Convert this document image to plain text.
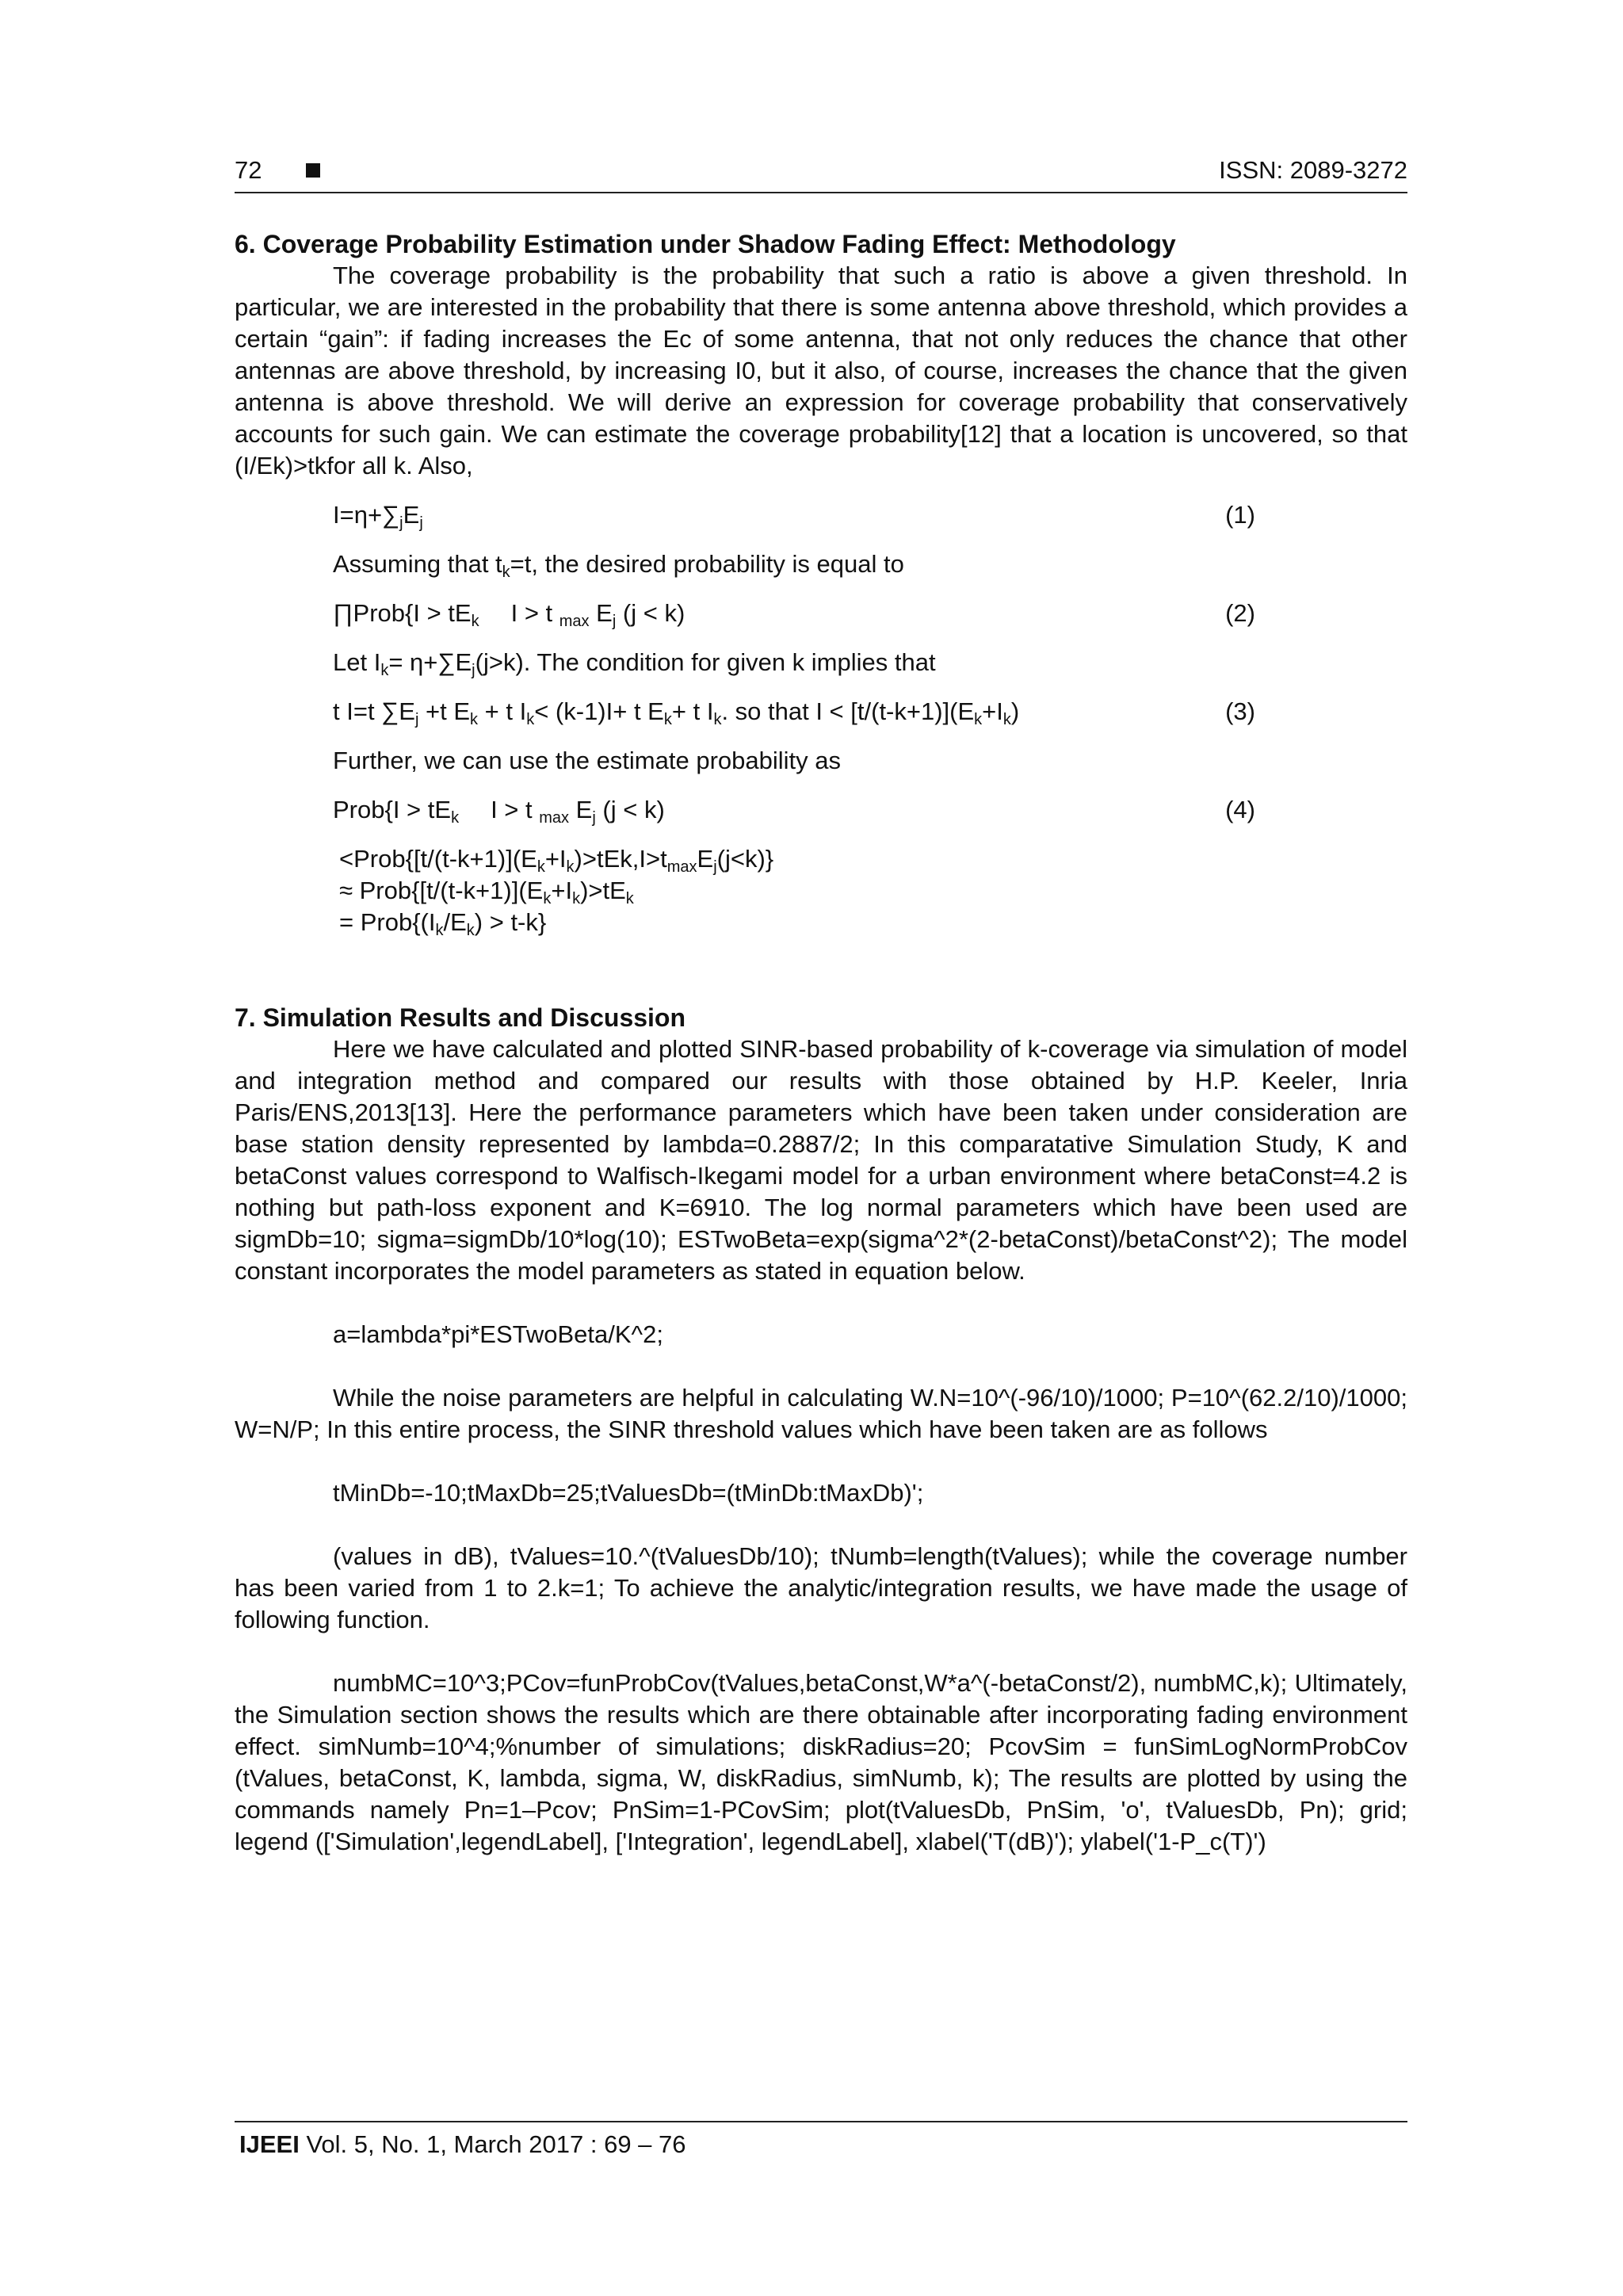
72	ISSN: 2089-3272
6. Coverage Probability Estimation under Shadow Fading Effect: Methodology

The coverage probability is the probability that such a ratio is above a given threshold. In particular, we are interested in the probability that there is some antenna above threshold, which provides a certain “gain”: if fading increases the Ec of some antenna, that not only reduces the chance that other antennas are above threshold, by increasing I0, but it also, of course, increases the chance that the given antenna is above threshold. We will derive an expression for coverage probability that conservatively accounts for such gain. We can estimate the coverage probability[12] that a location is uncovered, so that (I/Ek)>tkfor all k. Also,

$I=\eta+\sum_jE_j$	(1)
Assuming that $t_k=t$, the desired probability is equal to
∏Prob{I > $tE_k$ I > t $_{max}$ $E_j$ (j < k)	(2)
Let $I_k= \eta+\sum E_j(j>k)$. The condition for given k implies that
t I=t $\sum E_j +t$ $E_k + t$ $I_k< (k-1)I+ t$ $E_k+ t$ $I_k$. so that $I < [t/(t-k+1)](E_k+I_k)$	(3)
Further, we can use the estimate probability as
Prob{I > $tE_k$ I > t $_{max}$ $E_j$ (j < k)	(4)
$<Prob\{[t/(t-k+1)](E_k+I_k)>tEk,I>t_{max}E_j(j<k)\}$
≈ $Prob\{[t/(t-k+1)](E_k+I_k)>tE_k$
= $Prob\{(I_k/E_k) > t-k\}$
7. Simulation Results and Discussion

Here we have calculated and plotted SINR-based probability of k-coverage via simulation of model and integration method and compared our results with those obtained by H.P. Keeler, Inria Paris/ENS,2013[13]. Here the performance parameters which have been taken under consideration are base station density represented by lambda=0.2887/2; In this comparatative Simulation Study, K and betaConst values correspond to Walfisch-Ikegami model for a urban environment where betaConst=4.2 is nothing but path-loss exponent and K=6910. The log normal parameters which have been used are sigmDb=10; sigma=sigmDb/10*log(10); ESTwoBeta=exp(sigma^2*(2-betaConst)/betaConst^2); The model constant incorporates the model parameters as stated in equation below.

a=lambda*pi*ESTwoBeta/K^2;

While the noise parameters are helpful in calculating W.N=10^(-96/10)/1000; P=10^(62.2/10)/1000; W=N/P; In this entire process, the SINR threshold values which have been taken are as follows

tMinDb=-10;tMaxDb=25;tValuesDb=(tMinDb:tMaxDb)';

(values in dB), tValues=10.^(tValuesDb/10); tNumb=length(tValues); while the coverage number has been varied from 1 to 2.k=1; To achieve the analytic/integration results, we have made the usage of following function.

numbMC=10^3;PCov=funProbCov(tValues,betaConst,W*a^(-betaConst/2), numbMC,k); Ultimately, the Simulation section shows the results which are there obtainable after incorporating fading environment effect. simNumb=10^4;%number of simulations; diskRadius=20; PcovSim = funSimLogNormProbCov (tValues, betaConst, K, lambda, sigma, W, diskRadius, simNumb, k); The results are plotted by using the commands namely Pn=1–Pcov; PnSim=1-PCovSim; plot(tValuesDb, PnSim, 'o', tValuesDb, Pn); grid; legend (['Simulation',legendLabel], ['Integration', legendLabel], xlabel('T(dB)'); ylabel('1-P_c(T)')

IJEEI Vol. 5, No. 1, March 2017 : 69 – 76
